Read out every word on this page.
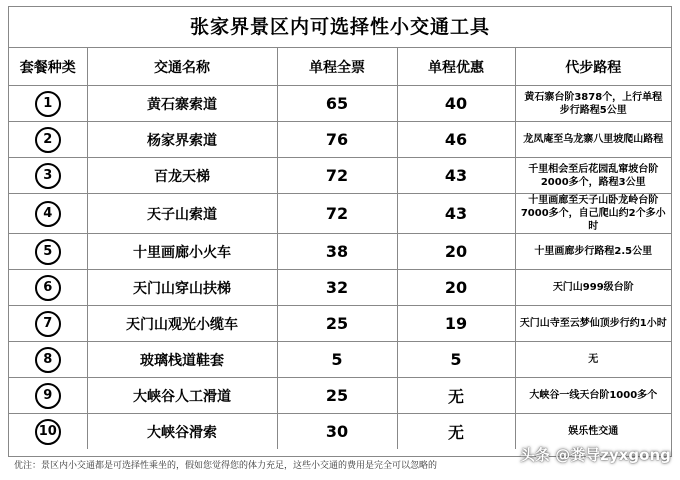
张家界景区内可选择性小交通工具
套餐种类	交通名称	单程全票	单程优惠	代步路程
1	黄石寨索道	65	40	黄石寨台阶3878个，上行单程步行路程5公里
2	杨家界索道	76	46	龙凤庵至乌龙寨八里坡爬山路程
3	百龙天梯	72	43	千里相会至后花园乱窜坡台阶2000多个，路程3公里
4	天子山索道	72	43	十里画廊至天子山卧龙岭台阶7000多个，自己爬山约2个多小时
5	十里画廊小火车	38	20	十里画廊步行路程2.5公里
6	天门山穿山扶梯	32	20	天门山999级台阶
7	天门山观光小缆车	25	19	天门山寺至云梦仙顶步行约1小时
8	玻璃栈道鞋套	5	5	无
9	大峡谷人工滑道	25	无	大峡谷一线天台阶1000多个
10	大峡谷滑索	30	无	娱乐性交通
优注：景区内小交通都是可选择性乘坐的，假如您觉得您的体力充足，这些小交通的费用是完全可以忽略的
头条 @粪导zyxgong
